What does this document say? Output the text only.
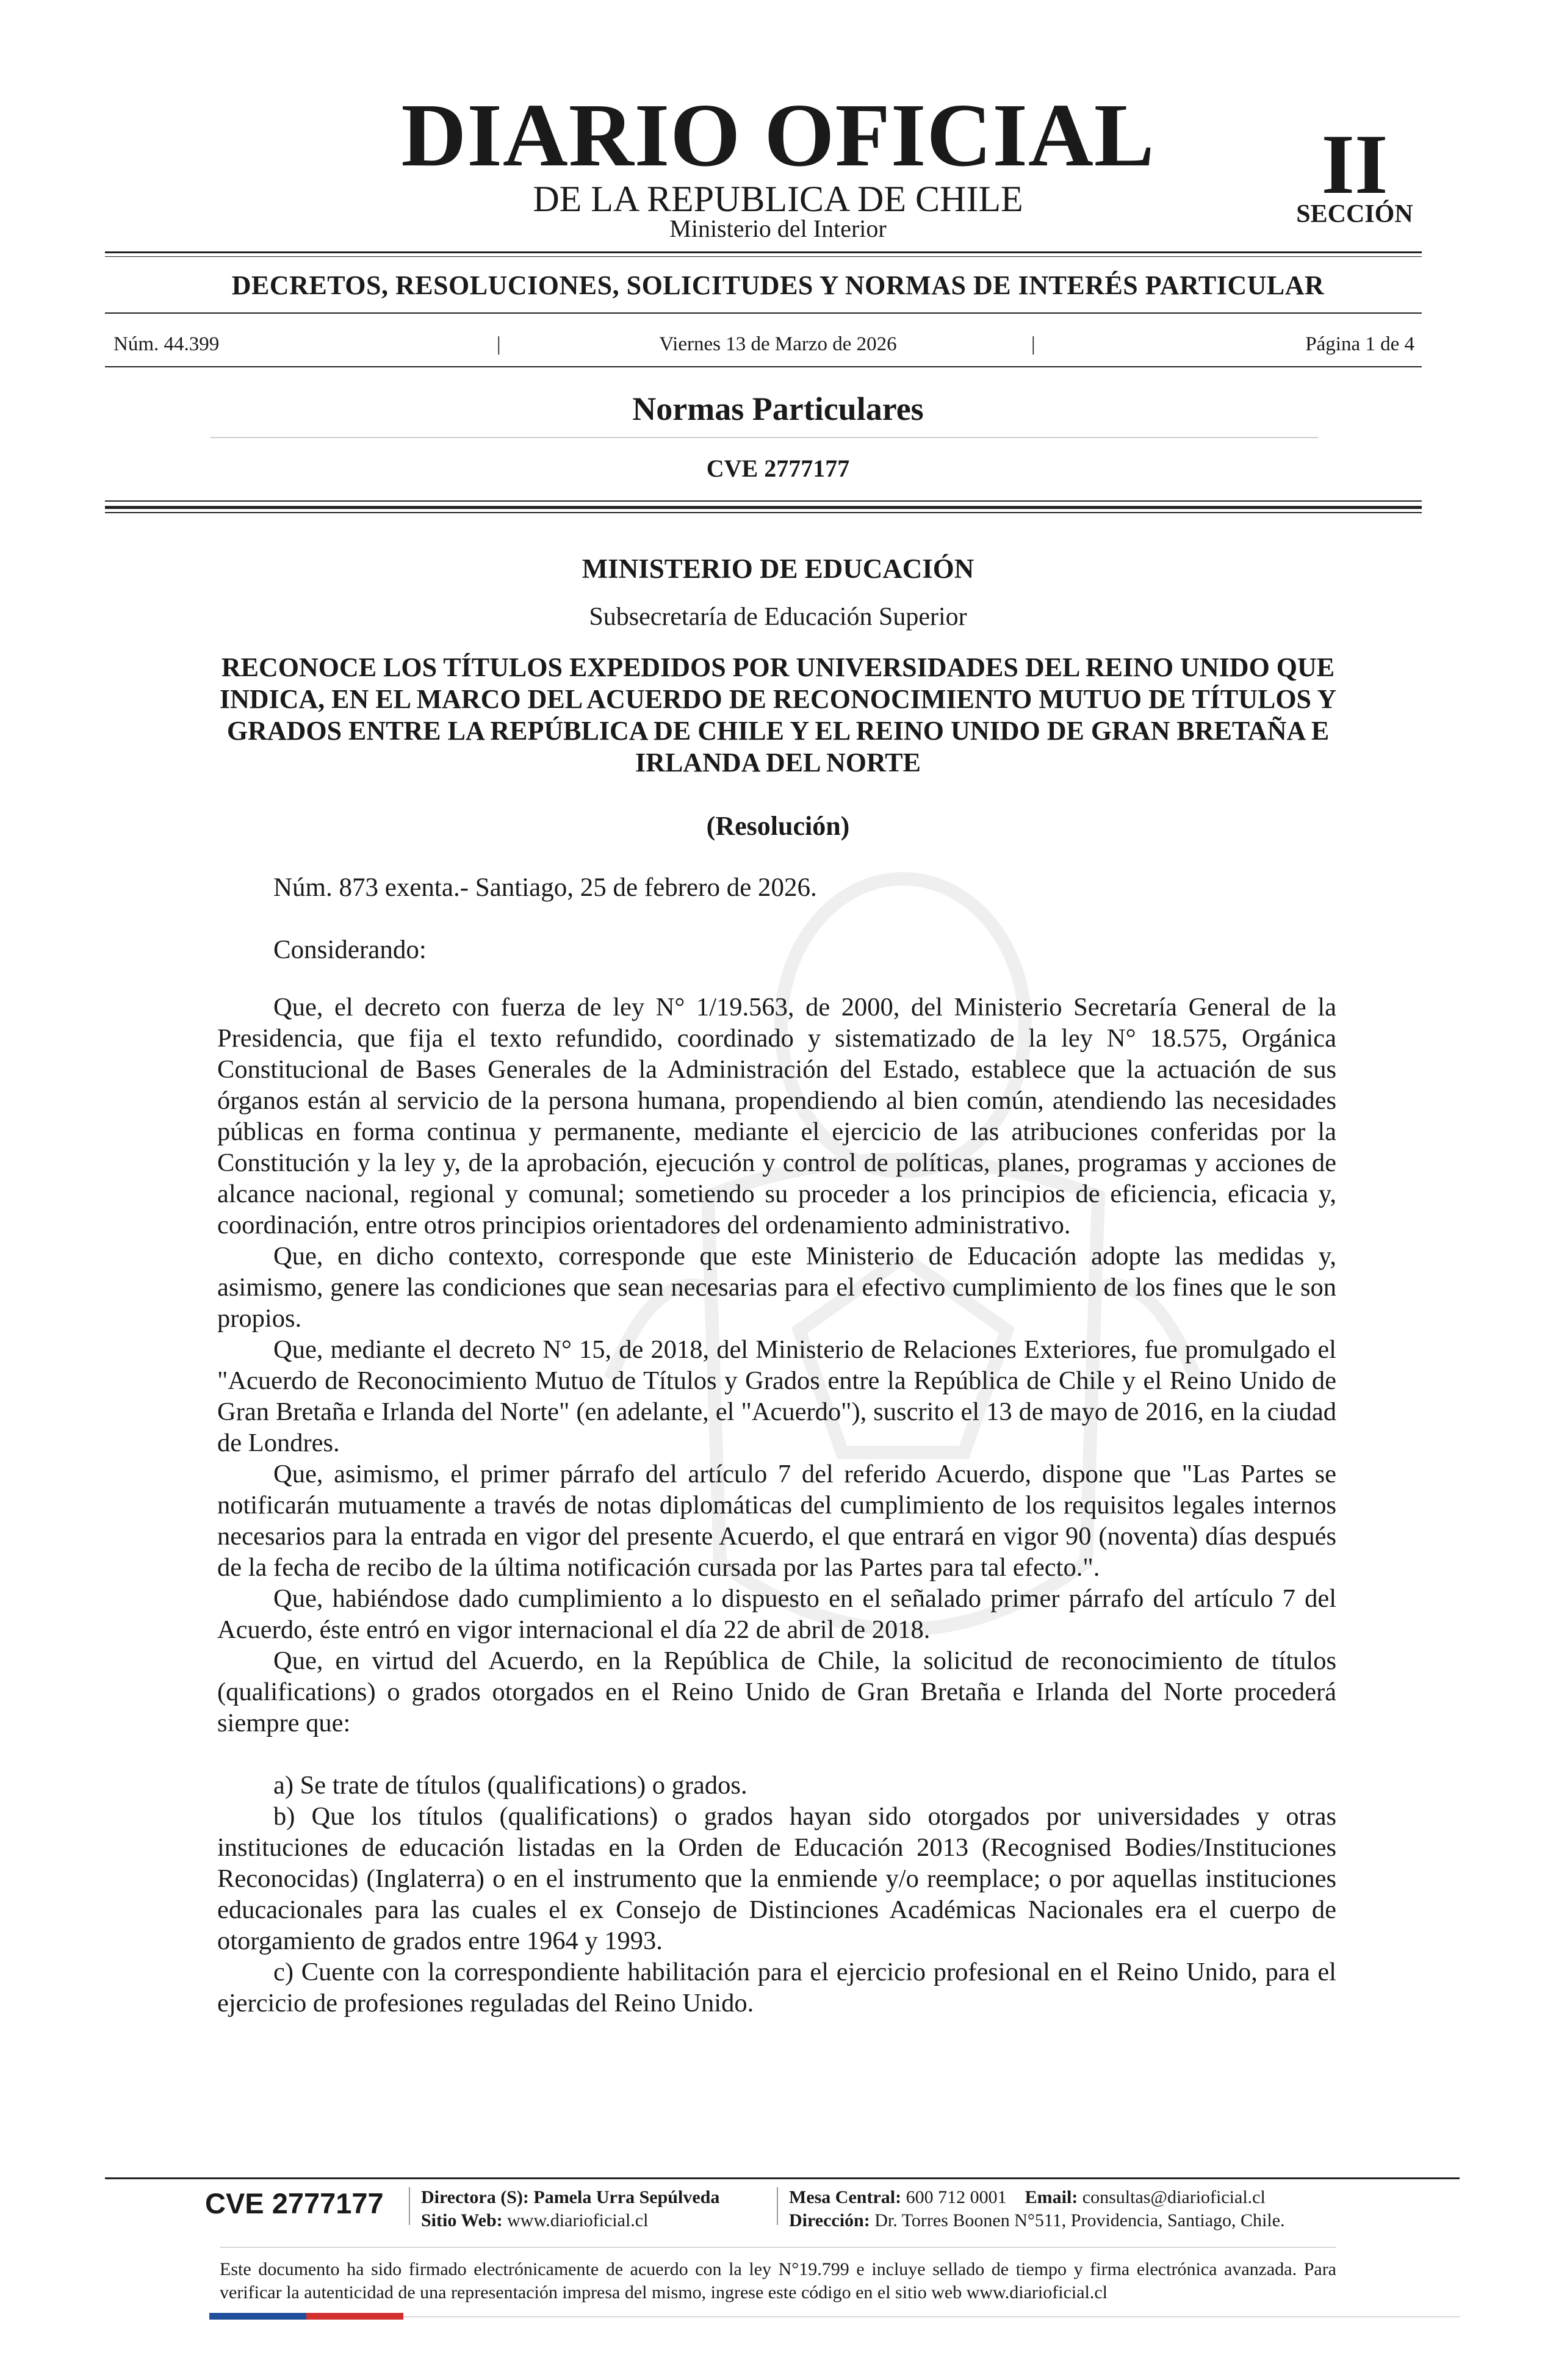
DIARIO OFICIAL
DE LA REPUBLICA DE CHILE
Ministerio del Interior
II
SECCIÓN
DECRETOS, RESOLUCIONES, SOLICITUDES Y NORMAS DE INTERÉS PARTICULAR
Núm. 44.399	|	Viernes 13 de Marzo de 2026	|	Página 1 de 4
Normas Particulares
CVE 2777177
MINISTERIO DE EDUCACIÓN
Subsecretaría de Educación Superior
RECONOCE LOS TÍTULOS EXPEDIDOS POR UNIVERSIDADES DEL REINO UNIDO QUE INDICA, EN EL MARCO DEL ACUERDO DE RECONOCIMIENTO MUTUO DE TÍTULOS Y GRADOS ENTRE LA REPÚBLICA DE CHILE Y EL REINO UNIDO DE GRAN BRETAÑA E IRLANDA DEL NORTE
(Resolución)
Núm. 873 exenta.- Santiago, 25 de febrero de 2026.
Considerando:

Que, el decreto con fuerza de ley N° 1/19.563, de 2000, del Ministerio Secretaría General de la Presidencia, que fija el texto refundido, coordinado y sistematizado de la ley N° 18.575, Orgánica Constitucional de Bases Generales de la Administración del Estado, establece que la actuación de sus órganos están al servicio de la persona humana, propendiendo al bien común, atendiendo las necesidades públicas en forma continua y permanente, mediante el ejercicio de las atribuciones conferidas por la Constitución y la ley y, de la aprobación, ejecución y control de políticas, planes, programas y acciones de alcance nacional, regional y comunal; sometiendo su proceder a los principios de eficiencia, eficacia y, coordinación, entre otros principios orientadores del ordenamiento administrativo.

Que, en dicho contexto, corresponde que este Ministerio de Educación adopte las medidas y, asimismo, genere las condiciones que sean necesarias para el efectivo cumplimiento de los fines que le son propios.

Que, mediante el decreto N° 15, de 2018, del Ministerio de Relaciones Exteriores, fue promulgado el "Acuerdo de Reconocimiento Mutuo de Títulos y Grados entre la República de Chile y el Reino Unido de Gran Bretaña e Irlanda del Norte" (en adelante, el "Acuerdo"), suscrito el 13 de mayo de 2016, en la ciudad de Londres.

Que, asimismo, el primer párrafo del artículo 7 del referido Acuerdo, dispone que "Las Partes se notificarán mutuamente a través de notas diplomáticas del cumplimiento de los requisitos legales internos necesarios para la entrada en vigor del presente Acuerdo, el que entrará en vigor 90 (noventa) días después de la fecha de recibo de la última notificación cursada por las Partes para tal efecto.".

Que, habiéndose dado cumplimiento a lo dispuesto en el señalado primer párrafo del artículo 7 del Acuerdo, éste entró en vigor internacional el día 22 de abril de 2018.

Que, en virtud del Acuerdo, en la República de Chile, la solicitud de reconocimiento de títulos (qualifications) o grados otorgados en el Reino Unido de Gran Bretaña e Irlanda del Norte procederá siempre que:

a) Se trate de títulos (qualifications) o grados.

b) Que los títulos (qualifications) o grados hayan sido otorgados por universidades y otras instituciones de educación listadas en la Orden de Educación 2013 (Recognised Bodies/Instituciones Reconocidas) (Inglaterra) o en el instrumento que la enmiende y/o reemplace; o por aquellas instituciones educacionales para las cuales el ex Consejo de Distinciones Académicas Nacionales era el cuerpo de otorgamiento de grados entre 1964 y 1993.

c) Cuente con la correspondiente habilitación para el ejercicio profesional en el Reino Unido, para el ejercicio de profesiones reguladas del Reino Unido.

CVE 2777177 Directora (S): Pamela Urra Sepúlveda
Sitio Web: www.diarioficial.cl
Mesa Central: 600 712 0001 Email: consultas@diarioficial.cl
Dirección: Dr. Torres Boonen N°511, Providencia, Santiago, Chile.
Este documento ha sido firmado electrónicamente de acuerdo con la ley N°19.799 e incluye sellado de tiempo y firma electrónica avanzada. Para verificar la autenticidad de una representación impresa del mismo, ingrese este código en el sitio web www.diarioficial.cl
